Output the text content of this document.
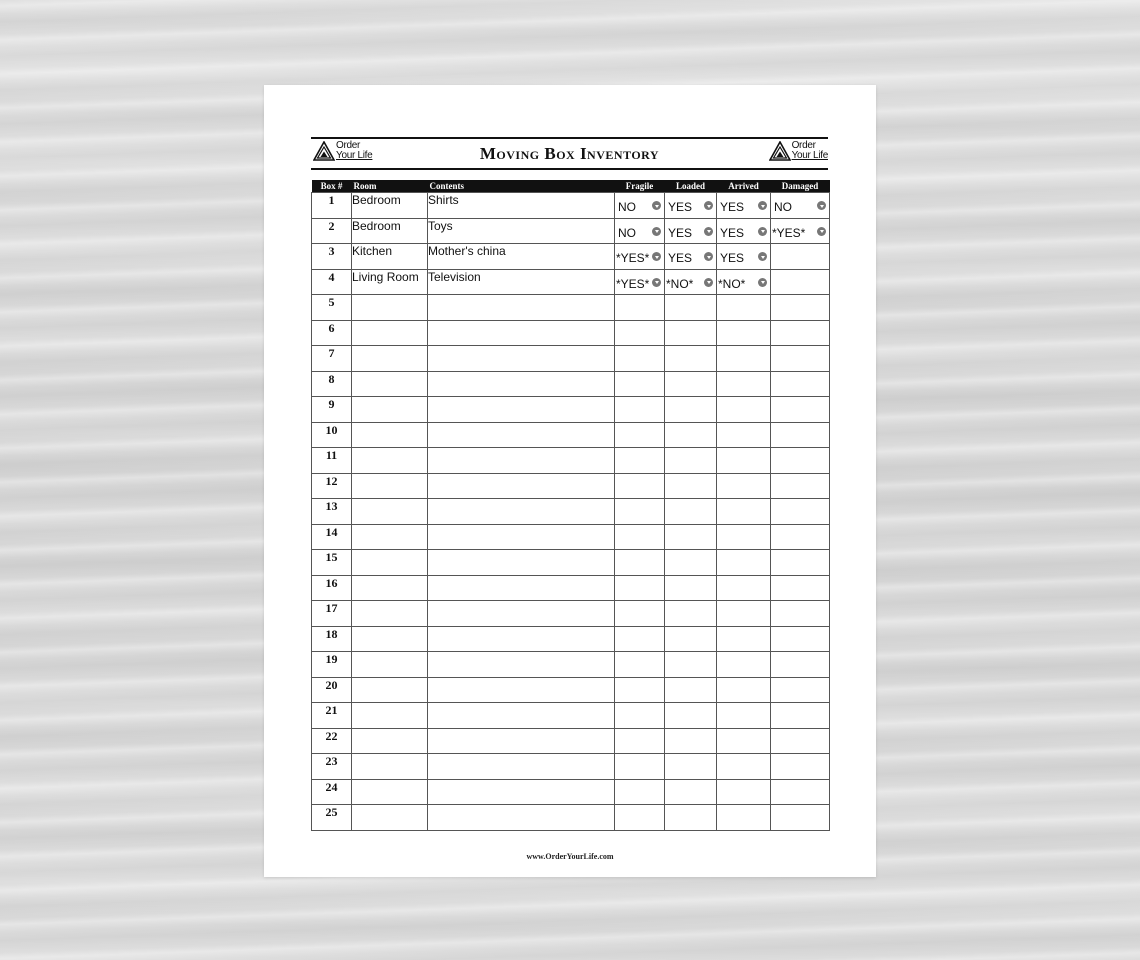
Order
Your Life	Moving Box Inventory	Order
Your Life
Box #	Room	Contents	Fragile	Loaded	Arrived	Damaged
1	Bedroom	Shirts	NO	YES	YES	NO

2	Bedroom	Toys	NO	YES	YES	*YES*

3	Kitchen	Mother's china	*YES*	YES	YES	

4	Living Room	Television	*YES*	*NO*	*NO*	

5						
6						
7						
8						
9						
10						
11						
12						
13						
14						
15						
16						
17						
18						
19						
20						
21						
22						
23						
24						
25						
www.OrderYourLife.com
